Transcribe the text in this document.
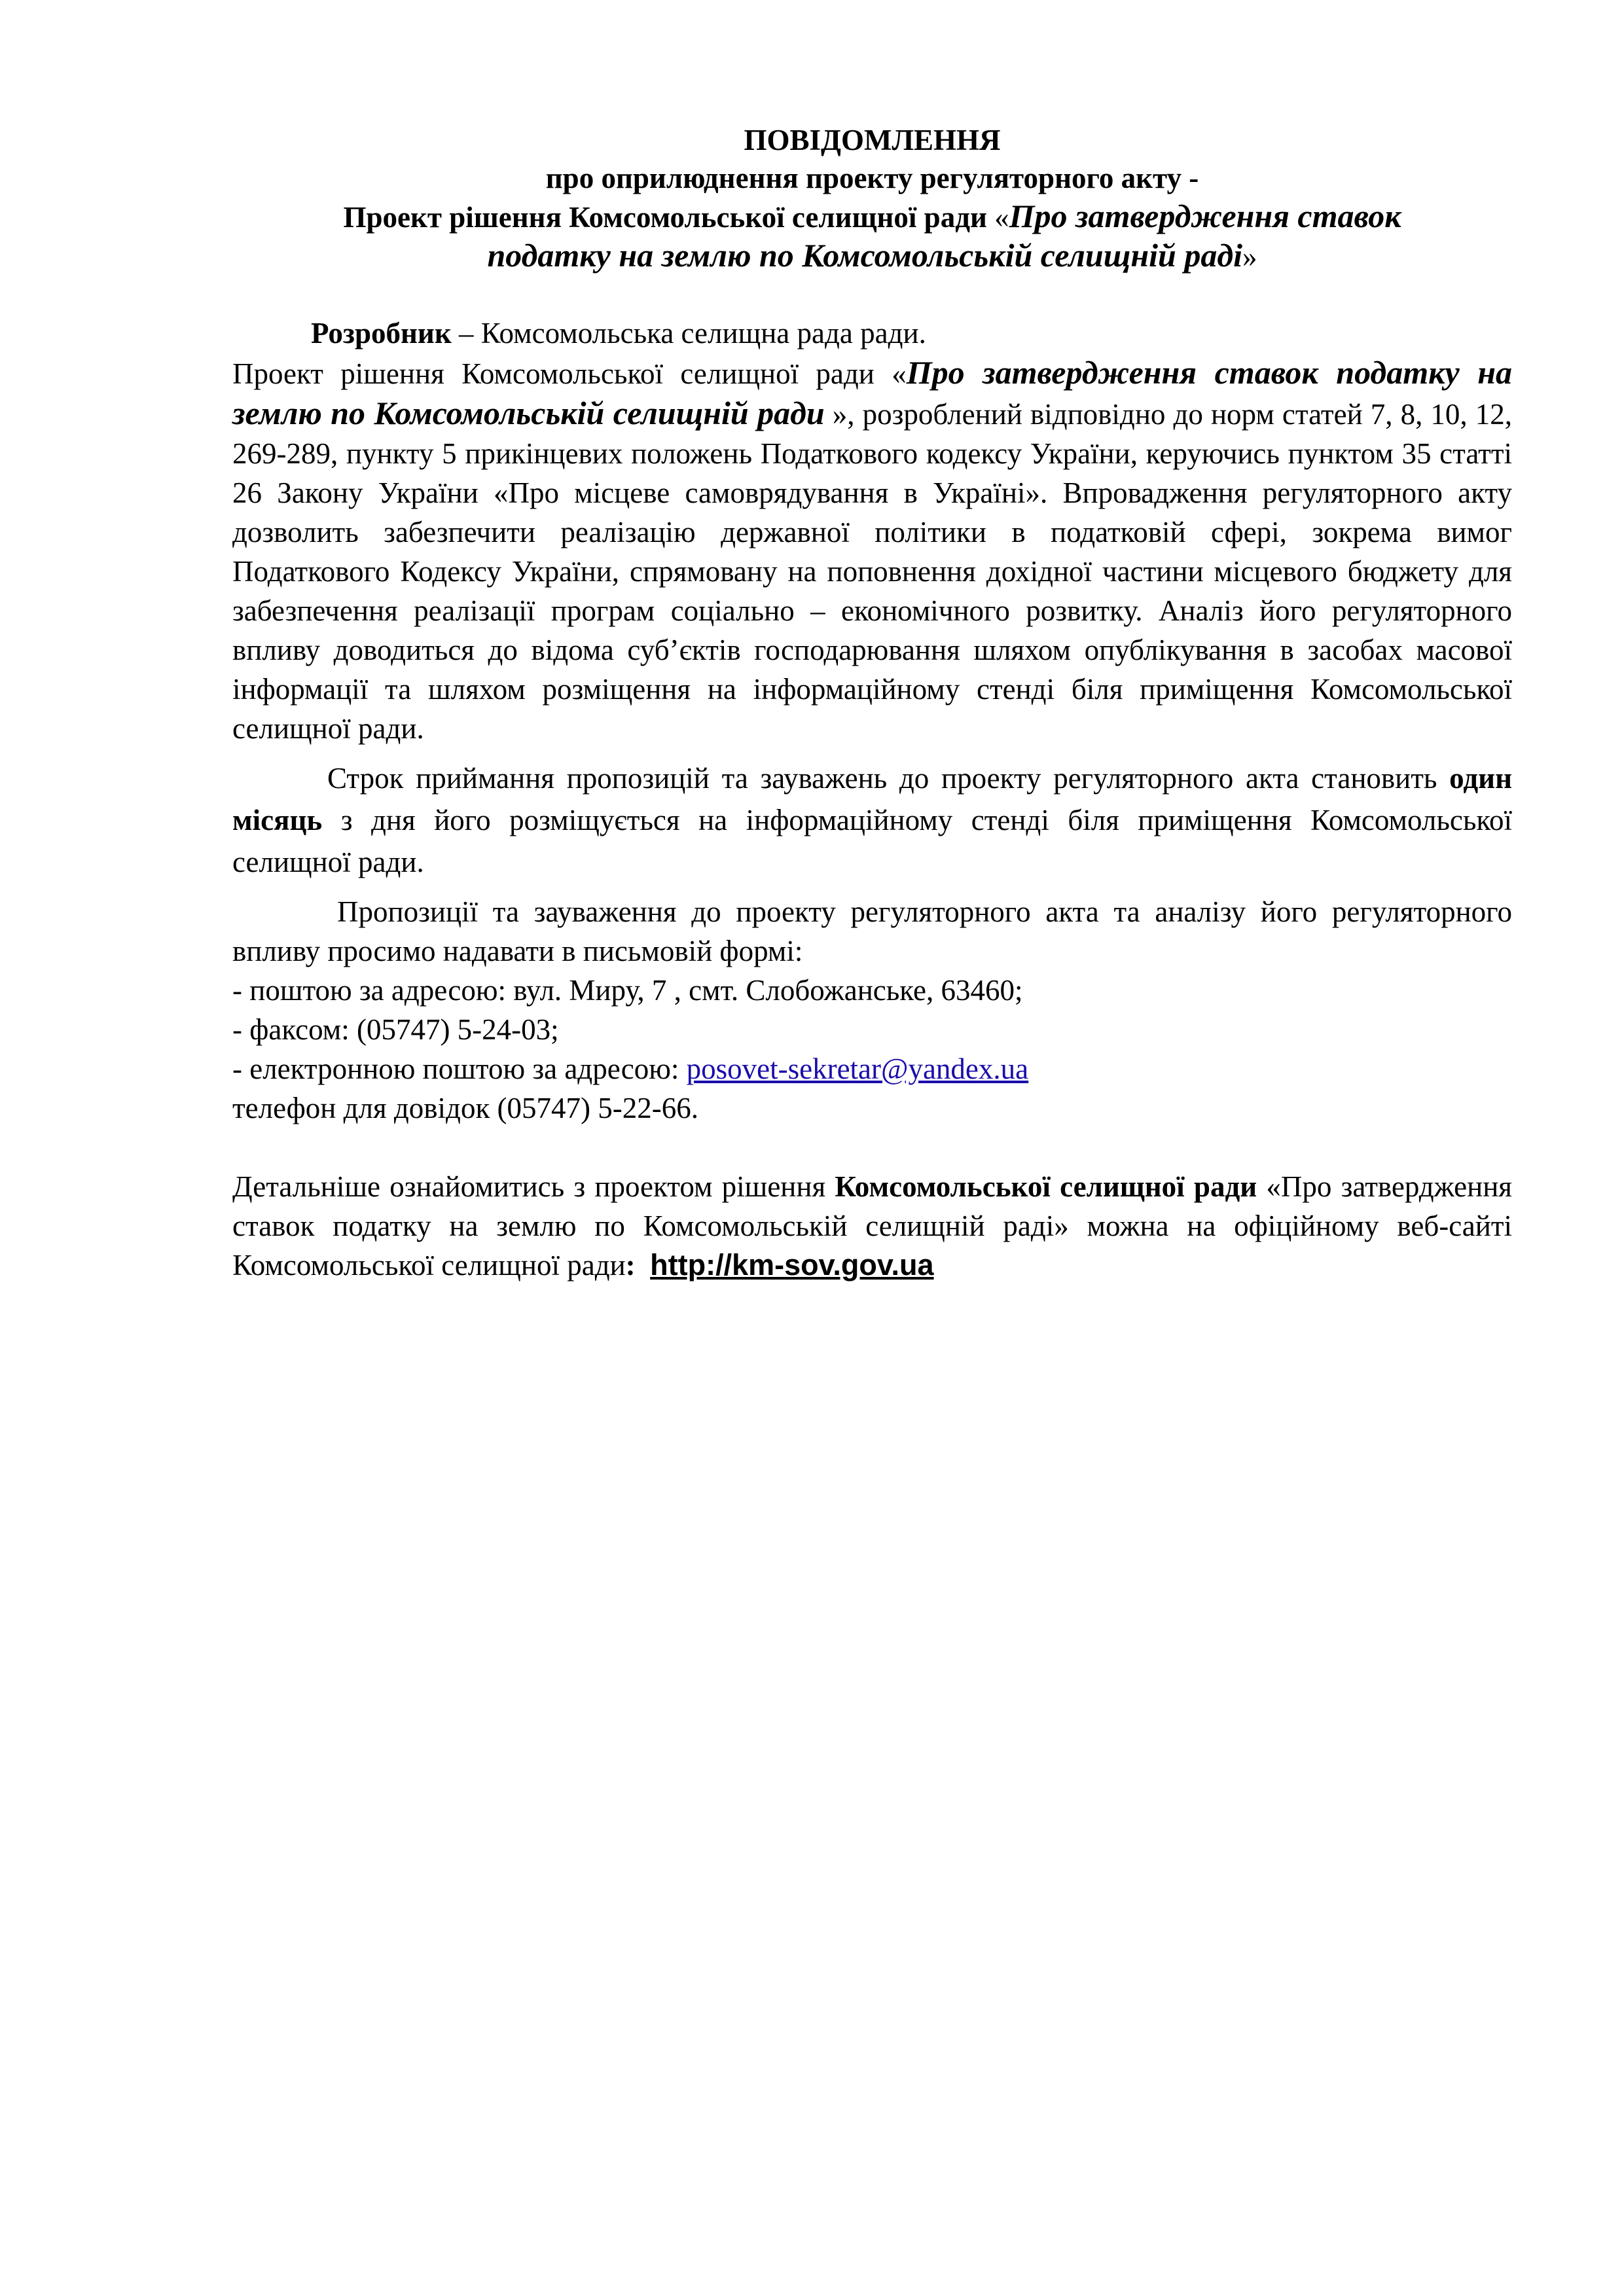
ПОВІДОМЛЕННЯ
про оприлюднення проекту регуляторного акту -
Проект рішення Комсомольської селищної ради «Про затвердження ставок
податку на землю по Комсомольській селищній раді»

Розробник – Комсомольська селищна рада ради.

Проект рішення Комсомольської селищної ради «Про затвердження ставок податку на землю по Комсомольській селищній ради », розроблений відповідно до норм статей 7, 8, 10, 12, 269-289, пункту 5 прикінцевих положень Податкового кодексу України, керуючись пунктом 35 статті 26 Закону України «Про місцеве самоврядування в Україні». Впровадження регуляторного акту дозволить забезпечити реалізацію державної політики в податковій сфері, зокрема вимог Податкового Кодексу України, спрямовану на поповнення дохідної частини місцевого бюджету для забезпечення реалізації програм соціально – економічного розвитку. Аналіз його регуляторного впливу доводиться до відома суб’єктів господарювання шляхом опублікування в засобах масової інформації та шляхом розміщення на інформаційному стенді біля приміщення Комсомольської селищної ради.

Строк приймання пропозицій та зауважень до проекту регуляторного акта становить один місяць з дня його розміщується на інформаційному стенді біля приміщення Комсомольської селищної ради.

Пропозиції та зауваження до проекту регуляторного акта та аналізу його регуляторного впливу просимо надавати в письмовій формі:

- поштою за адресою: вул. Миру, 7 , смт. Слобожанське, 63460;
- факсом: (05747) 5-24-03;
- електронною поштою за адресою: posovet-sekretar@yandex.ua
телефон для довідок (05747) 5-22-66.

Детальніше ознайомитись з проектом рішення Комсомольської селищної ради «Про затвердження ставок податку на землю по Комсомольській селищній раді» можна на офіційному веб-сайті Комсомольської селищної ради: http://km-sov.gov.ua
